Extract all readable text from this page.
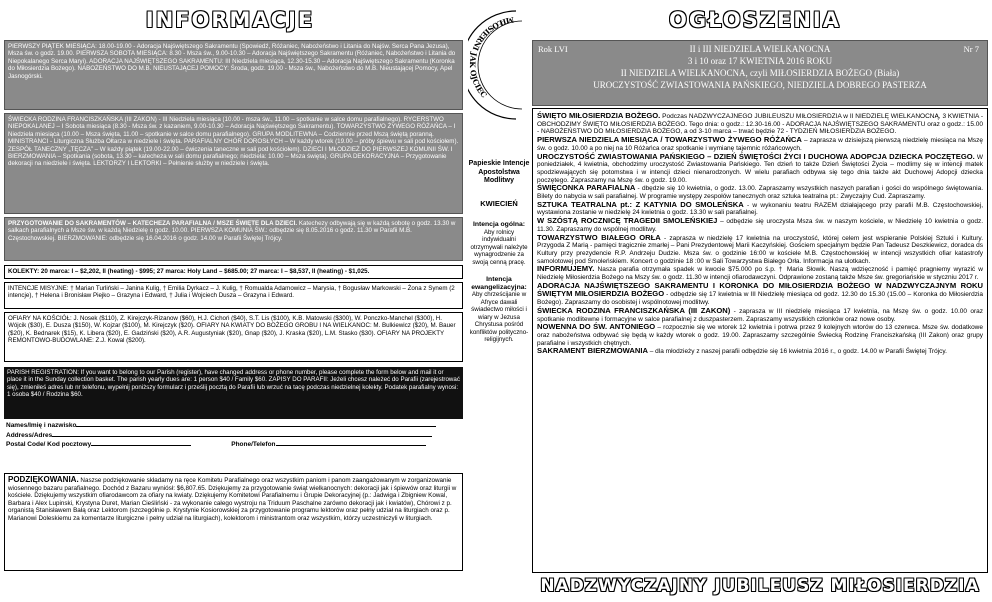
INFORMACJE
PIERWSZY PIĄTEK MIESIĄCA: 18.00-19.00 - Adoracja Najświętszego Sakramentu (Spowiedź, Różaniec, Nabożeństwo i Litania do Najśw. Serca Pana Jezusa), Msza św. o godz. 19.00. PIERWSZA SOBOTA MIESIĄCA: 8.30 - Msza św., 9.00-10.30 – Adoracja Najświętszego Sakramentu (Różaniec, Nabożeństwo i Litania do Niepokalanego Serca Maryi). ADORACJA NAJŚWIĘTSZEGO SAKRAMENTU: III Niedziela miesiąca, 12.30-15.30 – Adoracja Najświętszego Sakramentu (Koronka do Miłosierdzia Bożego). NABOŻEŃSTWO DO M.B. NIEUSTAJĄCEJ POMOCY: Środa, godz. 19.00 - Msza św., Nabożeństwo do M.B. Nieustającej Pomocy, Apel Jasnogórski.
ŚWIECKA RODZINA FRANCISZKAŃSKA (III ZAKON) - III Niedziela miesiąca (10.00 - msza św., 11.00 – spotkanie w salce domu parafialnego). RYCERSTWO NIEPOKALANEJ – I Sobota miesiąca (8.30 - Msza św. z kazaniem, 9.00-10.30 – Adoracja Najświętszego Sakramentu). TOWARZYSTWO ŻYWEGO RÓŻAŃCA – I Niedziela miesiąca (10.00 – Msza święta, 11.00 – spotkanie w salce domu parafialnego). GRUPA MODLITEWNA – Codziennie przed Mszą świętą poranną. MINISTRANCI - Liturgiczna Służba Ołtarza w niedziele i święta. PARAFIALNY CHÓR DOROSŁYCH – W każdy wtorek (19.00 – próby śpiewu w sali pod kościołem). ZESPÓŁ TANECZNY „TĘCZA” – W każdy piątek (19.00-22.00 – ćwiczenia taneczne w sali pod kościołem). DZIECI I MŁODZIEŻ DO PIERWSZEJ KOMUNII ŚW. I BIERZMOWANIA – Spotkania (sobota, 13.30 – katecheza w sali domu parafialnego; niedziela: 10.00 – Msza święta). GRUPA DEKORACYJNA – Przygotowanie dekoracji na niedziele i święta. LEKTORZY I LEKTORKI – Pełnienie służby w niedziele i święta.
PRZYGOTOWANIE DO SAKRAMENTÓW – KATECHEZA PARAFIALNA / MSZE ŚWIĘTE DLA DZIECI. Katechezy odbywają się w każdą sobotę o godz. 13.30 w salkach parafialnych a Msze św. w każdą Niedzielę o godz. 10.00. PIERWSZA KOMUNIA ŚW.: odbędzie się 8.05.2016 o godz. 11.30 w Parafii M.B. Częstochowskiej. BIERZMOWANIE: odbędzie się 16.04.2016 o godz. 14.00 w Parafii Świętej Trójcy.
KOLEKTY: 20 marca: I – $2,202, II (heating) - $995; 27 marca: Holy Land – $685.00; 27 marca: I – $8,537, II (heating) - $1,025.
INTENCJE MISYJNE: † Marian Turliński – Janina Kulig, † Emilia Dyrkacz – J. Kulig, † Romualda Adamowicz – Marysia, † Bogusław Markowski – Żona z Synem (2 intencje), † Helena i Bronisław Piejko – Grazyna i Edward, † Julia i Wojciech Dusza – Grazyna i Edward.
OFIARY NA KOŚCIÓŁ: J. Nosek ($110), Z. Kirejczyk-Rizanow ($60), H.J. Cichoń ($40), S.T. Lis ($100), K.B. Matowski ($300), W. Ponczko-Manchel ($300), H. Wójcik ($30), E. Dusza ($150), W. Kojzar ($100), M. Kirejczyk ($20). OFIARY NA KWIATY DO BOŻEGO GROBU I NA WIELKANOC: M. Bulkiewicz ($20), M. Bauer ($20), K. Bednarek ($15), K. Libera ($20), E. Gadziński ($20), A.R. Augustyniak ($20), Gnap ($20), J. Kraska ($20), L.M. Stasko ($30). OFIARY NA PROJEKTY REMONTOWO-BUDOWLANE: Z.J. Kowal ($200).
PARISH REGISTRATION: If you want to belong to our Parish (register), have changed address or phone number, please complete the form below and mail it or place it in the Sunday collection basket. The parish yearly dues are: 1 person $40 / Family $60. ZAPISY DO PARAFII: Jeżeli chcesz należeć do Parafii (zarejestrować się), zmieniłeś adres lub nr telefonu, wypełnij poniższy formularz i prześlij pocztą do Parafii lub wrzuć na tacę podczas niedzielnej kolekty. Podatek parafialny wynosi: 1 osoba $40 / Rodzina $60.
Names/Imię i nazwisko
Address/Adres
Postal Code/ Kod pocztowy	Phone/Telefon
PODZIĘKOWANIA. Naszse podziękowanie składamy na ręce Komitetu Parafialnego oraz wszystkim paniom i panom zaangażowanym w zorganizowanie wiosennego bazaru parafialnego. Dochód z Bazaru wyniósł: $6,807.65. Dziękujemy za przygotowanie świąt wielkanocnych: dekoracji jak i śpiewów oraz liturgii w kościele. Dziękujemy wszystkim ofiarodawcom za ofiary na kwiaty. Dziękujemy Komitetowi Parafialnemu i Grupie Dekoracyjnej (p.: Jadwiga i Zbigniew Kowal, Barbara i Alex Lupinski, Krystyna Duret, Marian Cieśliński - za wykonanie całego wystroju na Triduum Paschalne zarówno dekoracji jak i kwiatów), Chórowi z p. organistą Stanisławem Bałą oraz Lektorom (szczególnie p. Krystynie Kosiorowskiej za przygotowanie programu lektorów oraz pełny udział na liturgiach oraz p. Marianowi Doleskiemu za komentarze liturgiczne i pełny udział na liturgiach), kolektorom i ministrantom oraz wszystkim, którzy uczestniczyli w liturgiach.
MIŁOSIERNI JAK OJCIEC
Papieskie Intencje Apostolstwa Modlitwy
KWIECIEŃ
Intencja ogólna:
Aby rolnicy indywidualni otrzymywali należyte wynagrodzenie za swoją cenną pracę.
Intencja ewangelizacyjna:
Aby chrześcijanie w Afryce dawali świadectwo miłości i wiary w Jezusa Chrystusa pośród konfliktów polityczno-religijnych.
OGŁOSZENIA
Rok LVI	Nr 7
II i III NIEDZIELA WIELKANOCNA
3 i 10 oraz 17 KWIETNIA 2016 ROKU
II NIEDZIELA WIELKANOCNA, czyli MIŁOSIERDZIA BOŻEGO (Biała)
UROCZYSTOŚĆ ZWIASTOWANIA PAŃSKIEGO, NIEDZIELA DOBREGO PASTERZA

ŚWIĘTO MIŁOSIERDZIA BOŻEGO. Podczas NADZWYCZAJNEGO JUBILEUSZU MIŁOSIERDZIA w II NIEDZIELĘ WIELKANOCNĄ, 3 KWIETNIA - OBCHODZIMY ŚWIĘTO MIŁOSIERDZIA BOŻEGO. Tego dnia: o godz.: 12.30-16.00 - ADORACJA NAJŚWIĘTSZEGO SAKRAMENTU oraz o godz.: 15.00 - NABOŻEŃSTWO DO MIŁOSIERDZIA BOŻEGO, a od 3-10 marca – trwać będzie 72 - TYDZIEŃ MIŁOSIERDZIA BOŻEGO.

PIERWSZA NIEDZIELA MIESIĄCA / TOWARZYSTWO ŻYWEGO RÓŻAŃCA – zaprasza w dzisiejszą pierwszą niedzielę miesiąca na Mszę św. o godz. 10.00 a po niej na 10 Różańca oraz spotkanie i wymianę tajemnic różańcowych.

UROCZYSTOŚĆ ZWIASTOWANIA PAŃSKIEGO – DZIEŃ ŚWIĘTOŚCI ŻYCI I DUCHOWA ADOPCJA DZIECKA POCZĘTEGO. W poniedziałek, 4 kwietnia, obchodzimy uroczystość Zwiastowania Pańskiego. Ten dzień to także Dzień Świętości Życia – modlimy się w intencji matek spodziewających się potomstwa i w intencji dzieci nienarodzonych. W wielu parafiach odbywa się tego dnia także akt Duchowej Adopcji dziecka poczętego. Zapraszamy na Mszę św. o godz. 19.00.

ŚWIĘCONKA PARAFIALNA - dbędzie się 10 kwietnia, o godz. 13.00. Zapraszamy wszystkich naszych parafian i gości do wspólnego świętowania. Bilety do nabycia w sali parafialnej. W programie występy zespołów tanecznych oraz sztuka teatralna pt.: Zwyczajny Cud. Zapraszamy.

SZTUKA TEATRALNA pt.: Z KATYNIA DO SMOLEŃSKA - w wykonaniu teatru RAZEM działającego przy parafii M.B. Częstochowskiej, wystawiona zostanie w niedzielę 24 kwietnia o godz. 13.30 w sali parafialnej.

W SZÓSTĄ ROCZNICĘ TRAGEDII SMOLEŃSKIEJ – odbędzie się uroczysta Msza św. w naszym kościele, w Niedzielę 10 kwietnia o godz. 11.30. Zapraszamy do wspólnej modlitwy.

TOWARZYSTWO BIAŁEGO ORŁA - zaprasza w niedzielę 17 kwietnia na uroczystość, której celem jest wspieranie Polskiej Sztuki i Kultury. Przygoda Z Marią - pamięci tragicznie zmarłej – Pani Prezydentowej Marii Kaczyńskiej. Gościem specjalnym będzie Pan Tadeusz Deszkiewicz, doradca ds Kultury przy prezydencie R.P. Andrzeju Dudzie. Msza św. o godzinie 16:00 w kościele M.B. Częstochowskiej w intencji wszystkich ofiar katastrofy samolotowej pod Smoleńskiem. Koncert o godzinie 18 :00 w Sali Towarzystwa Białego Orła. Informacja na ulotkach.

INFORMUJEMY. Nasza parafia otrzymała spadek w kwocie $75.000 po ś.p. † Maria Słowik. Naszą wdzięczność i pamięć pragniemy wyrazić w Niedzielę Miłosierdzia Bożego na Mszy św. o godz. 11.30 w intencji ofiarodawczyni. Odprawione zostaną także Msze św. gregoriańskie w styczniu 2017 r.

ADORACJA NAJŚWIĘTSZEGO SAKRAMENTU I KORONKA DO MIŁOSIERDZIA BOŻEGO W NADZWYCZAJNYM ROKU ŚWIĘTYM MIŁOSIERDZIA BOŻEGO - odbędzie się 17 kwietnia w III Niedzielę miesiąca od godz. 12.30 do 15.30 (15.00 – Koronka do Miłosierdzia Bożego). Zapraszamy do osobistej i wspólnotowej modlitwy.

ŚWIECKA RODZINA FRANCISZKAŃSKA (III ZAKON) - zaprasza w III niedzielę miesiąca 17 kwietnia, na Mszę św. o godz. 10.00 oraz spotkanie modlitewne i formacyjne w salce parafialnej z duszpasterzem. Zapraszamy wszystkich członków oraz nowe osoby.

NOWENNA DO ŚW. ANTONIEGO – rozpocznie się we wtorek 12 kwietnia i potrwa przez 9 kolejnych wtorów do 13 czerwca. Msze św. dodatkowe oraz nabożeństwa odbywać się będą w każdy wtorek o godz. 19.00. Zapraszamy szczególnie Świecką Rodzinę Franciszkańską (III Zakon) oraz grupy parafialne i wszystkich chętnych.

SAKRAMENT BIERZMOWANIA – dla młodzieży z naszej parafii odbędzie się 16 kwietnia 2016 r., o godz. 14.00 w Parafii Świętej Trójcy.

NADZWYCZAJNY JUBILEUSZ MIŁOSIERDZIA
